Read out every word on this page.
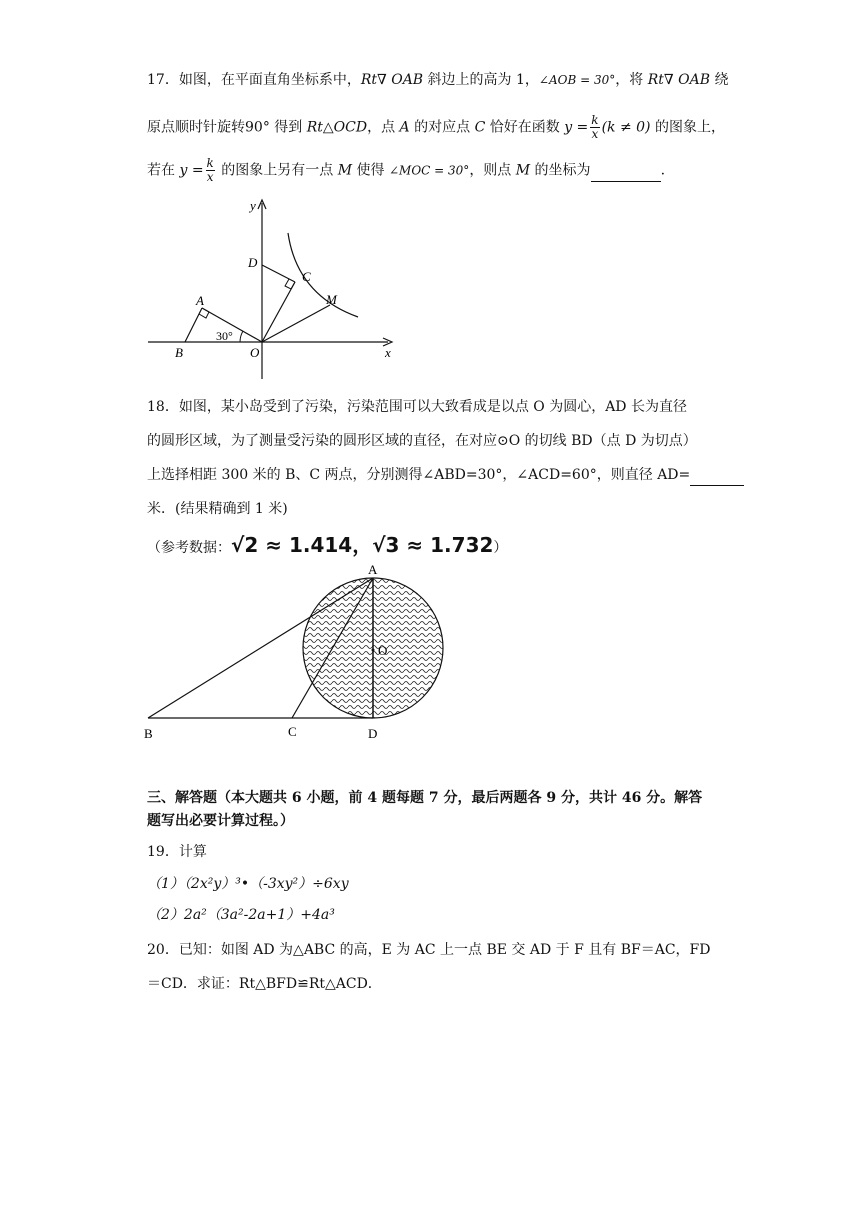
17．如图，在平面直角坐标系中，Rt∇ OAB 斜边上的高为 1，∠AOB = 30°，将 Rt∇ OAB 绕
原点顺时针旋转90° 得到 Rt△OCD，点 A 的对应点 C 恰好在函数 $y = \frac{k}{x} (k \ne 0)$ 的图象上，
若在 $y = \frac{k}{x}$ 的图象上另有一点 M 使得 ∠MOC = 30°，则点 M 的坐标为	.
y
x
D
C
M
A
B	O
30°
18．如图，某小岛受到了污染，污染范围可以大致看成是以点 O 为圆心，AD 长为直径
的圆形区域，为了测量受污染的圆形区域的直径，在对应⊙O 的切线 BD（点 D 为切点）
上选择相距 300 米的 B、C 两点，分别测得∠ABD=30°，∠ACD=60°，则直径 AD=
米．(结果精确到 1 米)
（参考数据：√2 ≈ 1.414，√3 ≈ 1.732）
A
O
B	C	D
三、解答题（本大题共 6 小题，前 4 题每题 7 分，最后两题各 9 分，共计 46 分。解答
题写出必要计算过程。）
19．计算
（1）（2x²y）³•（-3xy²）÷6xy
（2）2a²（3a²-2a+1）+4a³
20．已知：如图 AD 为△ABC 的高，E 为 AC 上一点 BE 交 AD 于 F 且有 BF＝AC，FD
＝CD．求证：Rt△BFD≌Rt△ACD．
